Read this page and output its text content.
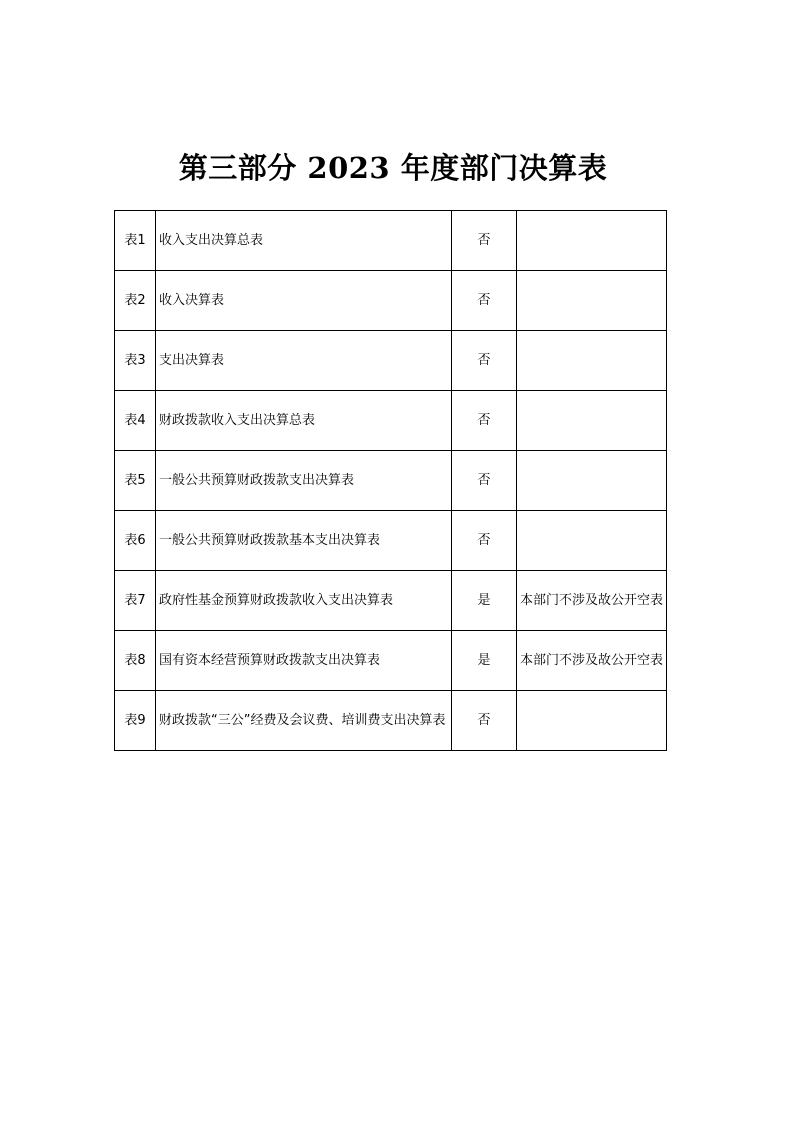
第三部分 2023 年度部门决算表
表1	收入支出决算总表	否	
表2	收入决算表	否	
表3	支出决算表	否	
表4	财政拨款收入支出决算总表	否	
表5	一般公共预算财政拨款支出决算表	否	
表6	一般公共预算财政拨款基本支出决算表	否	
表7	政府性基金预算财政拨款收入支出决算表	是	本部门不涉及故公开空表
表8	国有资本经营预算财政拨款支出决算表	是	本部门不涉及故公开空表
表9	财政拨款“三公”经费及会议费、培训费支出决算表	否	
